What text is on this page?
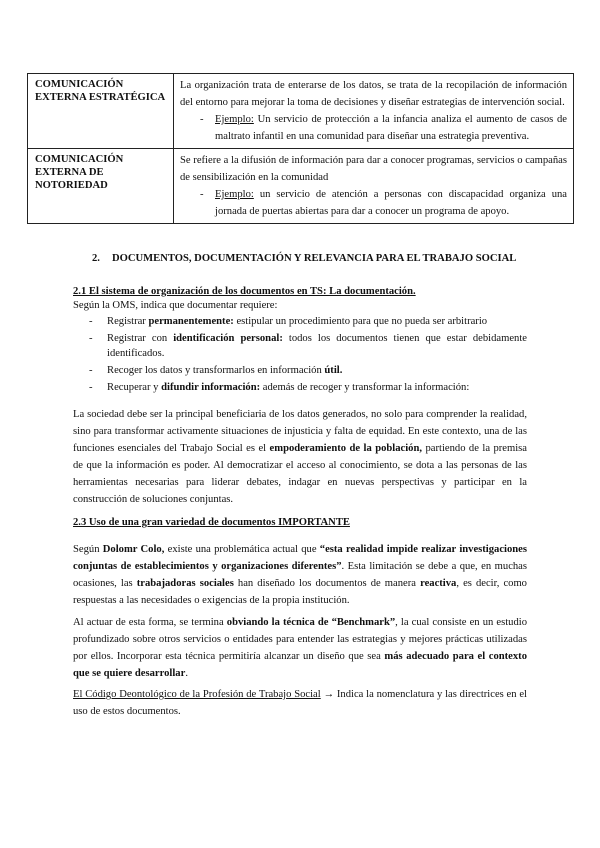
COMUNICACIÓN EXTERNA ESTRATÉGICA	La organización trata de enterarse de los datos, se trata de la recopilación de información del entorno para mejorar la toma de decisiones y diseñar estrategias de intervención social.

- Ejemplo: Un servicio de protección a la infancia analiza el aumento de casos de maltrato infantil en una comunidad para diseñar una estrategia preventiva.

COMUNICACIÓN EXTERNA DE NOTORIEDAD	Se refiere a la difusión de información para dar a conocer programas, servicios o campañas de sensibilización en la comunidad

- Ejemplo: un servicio de atención a personas con discapacidad organiza una jornada de puertas abiertas para dar a conocer un programa de apoyo.

2. DOCUMENTOS, DOCUMENTACIÓN Y RELEVANCIA PARA EL TRABAJO SOCIAL
2.1 El sistema de organización de los documentos en TS: La documentación.
Según la OMS, indica que documentar requiere:
- Registrar permanentemente: estipular un procedimiento para que no pueda ser arbitrario
- Registrar con identificación personal: todos los documentos tienen que estar debidamente identificados.
- Recoger los datos y transformarlos en información útil.
- Recuperar y difundir información: además de recoger y transformar la información:

La sociedad debe ser la principal beneficiaria de los datos generados, no solo para comprender la realidad, sino para transformar activamente situaciones de injusticia y falta de equidad. En este contexto, una de las funciones esenciales del Trabajo Social es el empoderamiento de la población, partiendo de la premisa de que la información es poder. Al democratizar el acceso al conocimiento, se dota a las personas de las herramientas necesarias para liderar debates, indagar en nuevas perspectivas y participar en la construcción de soluciones conjuntas.

2.3 Uso de una gran variedad de documentos IMPORTANTE

Según Dolomr Colo, existe una problemática actual que “esta realidad impide realizar investigaciones conjuntas de establecimientos y organizaciones diferentes”. Esta limitación se debe a que, en muchas ocasiones, las trabajadoras sociales han diseñado los documentos de manera reactiva, es decir, como respuestas a las necesidades o exigencias de la propia institución.

Al actuar de esta forma, se termina obviando la técnica de “Benchmark”, la cual consiste en un estudio profundizado sobre otros servicios o entidades para entender las estrategias y mejores prácticas utilizadas por ellos. Incorporar esta técnica permitiría alcanzar un diseño que sea más adecuado para el contexto que se quiere desarrollar.

El Código Deontológico de la Profesión de Trabajo Social → Indica la nomenclatura y las directrices en el uso de estos documentos.
